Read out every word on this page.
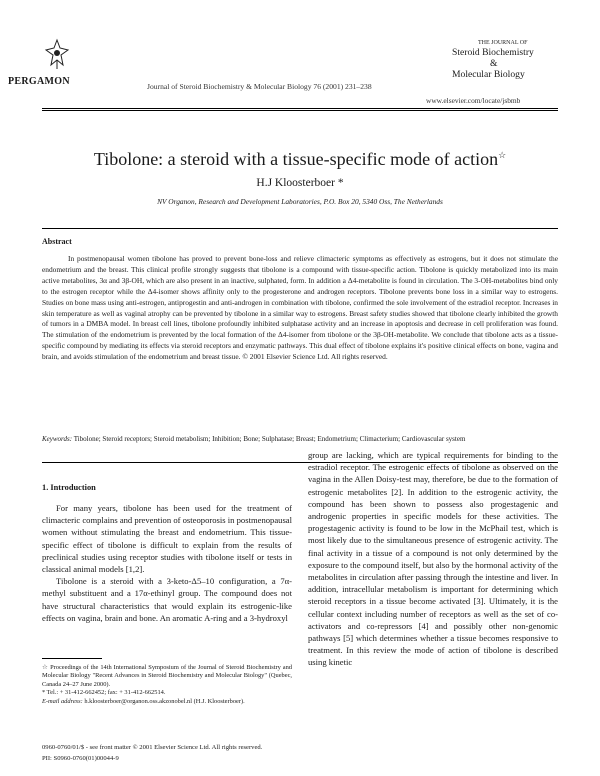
PERGAMON	Journal of Steroid Biochemistry & Molecular Biology 76 (2001) 231–238
THE JOURNAL OF
Steroid Biochemistry
&
Molecular Biology
www.elsevier.com/locate/jsbmb
Tibolone: a steroid with a tissue-specific mode of action☆
H.J Kloosterboer *
NV Organon, Research and Development Laboratories, P.O. Box 20, 5340 Oss, The Netherlands
Abstract

In postmenopausal women tibolone has proved to prevent bone-loss and relieve climacteric symptoms as effectively as estrogens, but it does not stimulate the endometrium and the breast. This clinical profile strongly suggests that tibolone is a compound with tissue-specific action. Tibolone is quickly metabolized into its main active metabolites, 3α and 3β-OH, which are also present in an inactive, sulphated, form. In addition a Δ4-metabolite is found in circulation. The 3-OH-metabolites bind only to the estrogen receptor while the Δ4-isomer shows affinity only to the progesterone and androgen receptors. Tibolone prevents bone loss in a similar way to estrogens. Studies on bone mass using anti-estrogen, antiprogestin and anti-androgen in combination with tibolone, confirmed the sole involvement of the estradiol receptor. Increases in skin temperature as well as vaginal atrophy can be prevented by tibolone in a similar way to estrogens. Breast safety studies showed that tibolone clearly inhibited the growth of tumors in a DMBA model. In breast cell lines, tibolone profoundly inhibited sulphatase activity and an increase in apoptosis and decrease in cell proliferation was found. The stimulation of the endometrium is prevented by the local formation of the Δ4-isomer from tibolone or the 3β-OH-metabolite. We conclude that tibolone acts as a tissue-specific compound by mediating its effects via steroid receptors and enzymatic pathways. This dual effect of tibolone explains it's positive clinical effects on bone, vagina and brain, and avoids stimulation of the endometrium and breast tissue. © 2001 Elsevier Science Ltd. All rights reserved.

Keywords: Tibolone; Steroid receptors; Steroid metabolism; Inhibition; Bone; Sulphatase; Breast; Endometrium; Climacterium; Cardiovascular system
1. Introduction

For many years, tibolone has been used for the treatment of climacteric complains and prevention of osteoporosis in postmenopausal women without stimulating the breast and endometrium. This tissue-specific effect of tibolone is difficult to explain from the results of preclinical studies using receptor studies with tibolone itself or tests in classical animal models [1,2].

Tibolone is a steroid with a 3-keto-Δ5–10 configuration, a 7α-methyl substituent and a 17α-ethinyl group. The compound does not have structural characteristics that would explain its estrogenic-like effects on vagina, brain and bone. An aromatic A-ring and a 3-hydroxyl

group are lacking, which are typical requirements for binding to the estradiol receptor. The estrogenic effects of tibolone as observed on the vagina in the Allen Doisy-test may, therefore, be due to the formation of estrogenic metabolites [2]. In addition to the estrogenic activity, the compound has been shown to possess also progestagenic and androgenic properties in specific models for these activities. The progestagenic activity is found to be low in the McPhail test, which is most likely due to the simultaneous presence of estrogenic activity. The final activity in a tissue of a compound is not only determined by the exposure to the compound itself, but also by the hormonal activity of the metabolites in circulation after passing through the intestine and liver. In addition, intracellular metabolism is important for determining which steroid receptors in a tissue become activated [3]. Ultimately, it is the cellular context including number of receptors as well as the set of co-activators and co-repressors [4] and possibly other non-genomic pathways [5] which determines whether a tissue becomes responsive to treatment. In this review the mode of action of tibolone is described using kinetic

☆ Proceedings of the 14th International Symposium of the Journal of Steroid Biochemistry and Molecular Biology "Recent Advances in Steroid Biochemistry and Molecular Biology" (Quebec, Canada 24–27 June 2000).

* Tel.: + 31-412-662452; fax: + 31-412-662514.

E-mail address: h.kloosterboer@organon.oss.akzonobel.nl (H.J. Kloosterboer).

0960-0760/01/$ - see front matter © 2001 Elsevier Science Ltd. All rights reserved.
PII: S0960-0760(01)00044-9
